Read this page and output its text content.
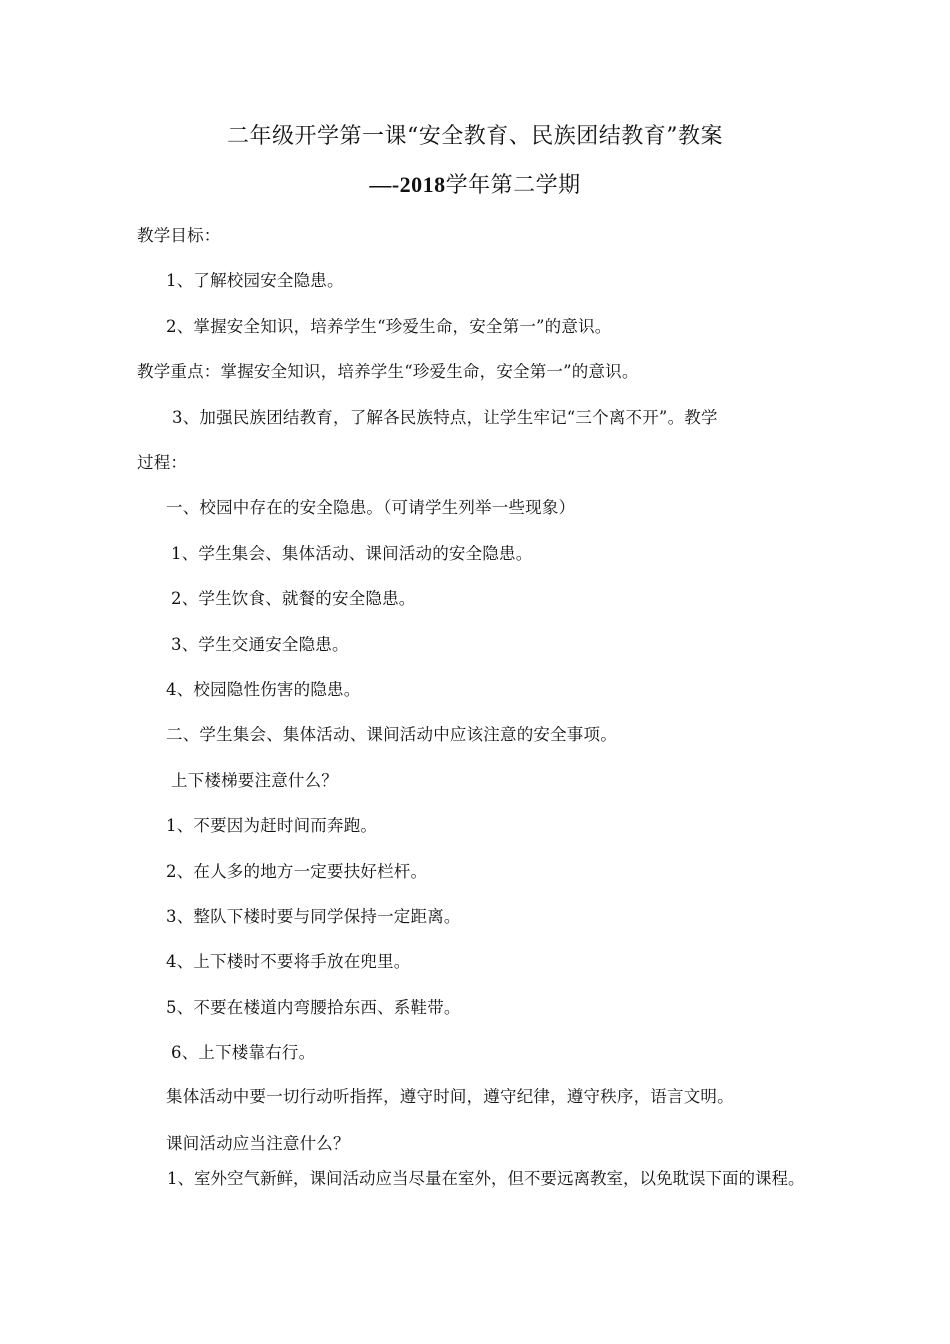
二年级开学第一课“安全教育、民族团结教育”教案
—-2018学年第二学期
教学目标：
1、了解校园安全隐患。
2、掌握安全知识，培养学生“珍爱生命，安全第一”的意识。
教学重点：掌握安全知识，培养学生“珍爱生命，安全第一”的意识。
3、加强民族团结教育，了解各民族特点，让学生牢记“三个离不开”。教学
过程：
一、校园中存在的安全隐患。（可请学生列举一些现象）
1、学生集会、集体活动、课间活动的安全隐患。
2、学生饮食、就餐的安全隐患。
3、学生交通安全隐患。
4、校园隐性伤害的隐患。
二、学生集会、集体活动、课间活动中应该注意的安全事项。
上下楼梯要注意什么？
1、不要因为赶时间而奔跑。
2、在人多的地方一定要扶好栏杆。
3、整队下楼时要与同学保持一定距离。
4、上下楼时不要将手放在兜里。
5、不要在楼道内弯腰拾东西、系鞋带。
6、上下楼靠右行。
集体活动中要一切行动听指挥，遵守时间，遵守纪律，遵守秩序，语言文明。
课间活动应当注意什么？
1、室外空气新鲜，课间活动应当尽量在室外，但不要远离教室，以免耽误下面的课程。
